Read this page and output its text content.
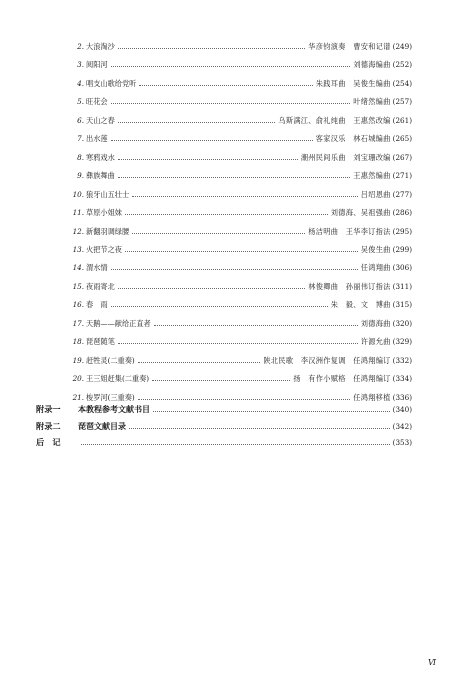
2. 大浪淘沙	华彦钧演奏　曹安和记谱 (249)
3. 阅阳河	刘德海编曲 (252)
4. 唱支山歌给党听	朱践耳曲　吴俊生编曲 (254)
5. 旺花会	叶绪然编曲 (257)
6. 天山之春	乌斯满江、俞礼纯曲　王惠然改编 (261)
7. 出水莲	客家汉乐　林石城编曲 (265)
8. 寒鸦戏水	潮州民间乐曲　刘宝珊改编 (267)
9. 彝族舞曲	王惠然编曲 (271)
10. 狼牙山五壮士	吕绍恩曲 (277)
11. 草原小姐妹	刘德海、吴祖强曲 (286)
12. 新翻羽调绿腰	杨洁明曲　王华李订指法 (295)
13. 火把节之夜	吴俊生曲 (299)
14. 渭水情	任鸿翔曲 (306)
15. 夜雨寄北	林俊卿曲　孙丽伟订指法 (311)
16. 春　雨	朱　毅、文　博曲 (315)
17. 天鹅——献给正直者	刘德海曲 (320)
18. 琵琶随笔	许源允曲 (329)
19. 赶牲灵(二重奏)	陕北民歌　李汉洲作复调　任鸿翔编订 (332)
20. 王三姐赶集(二重奏)	扬　有作小赋格　任鸿翔编订 (334)
21. 梭罗河(三重奏)	任鸿翔移植 (336)
附录一	本教程参考文献书目	(340)
附录二	琵琶文献目录	(342)
后　记	(353)
Ⅵ
